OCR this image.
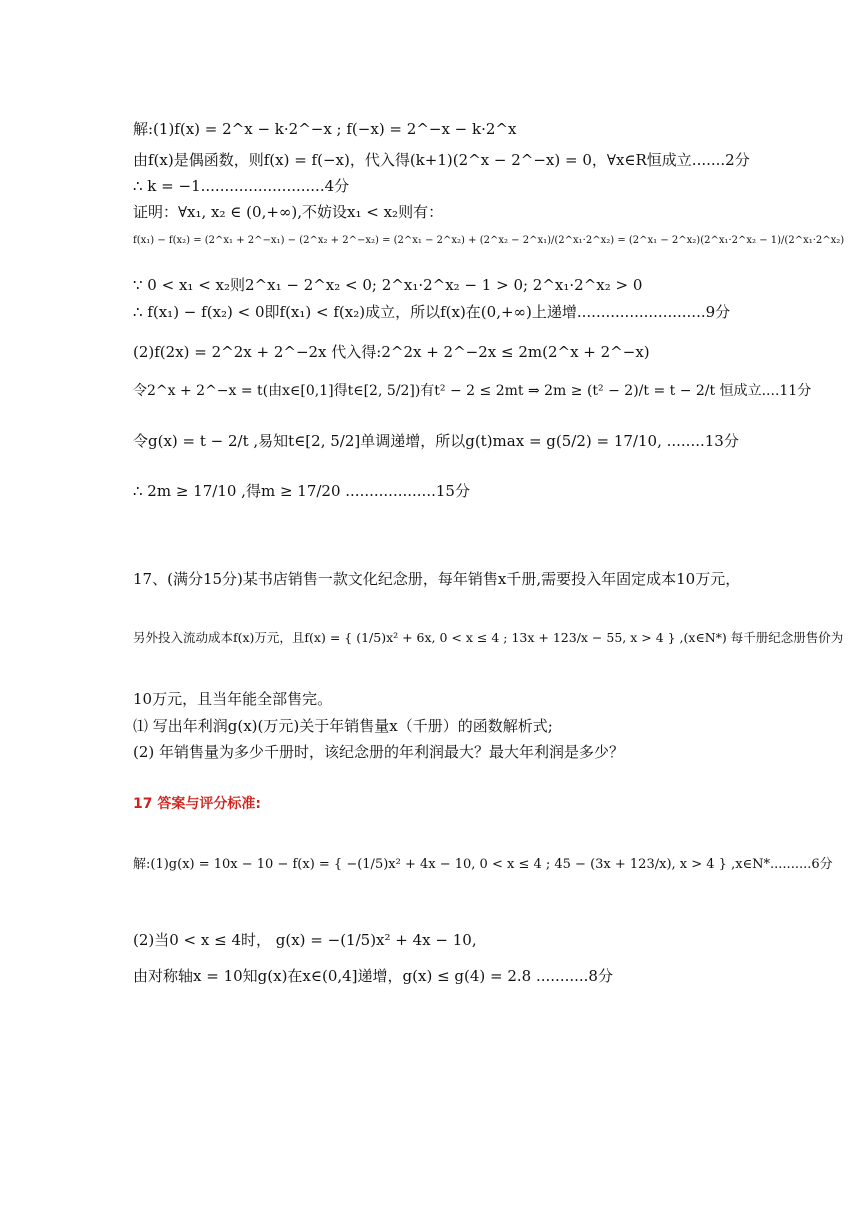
解:(1)f(x) = 2^x − k·2^−x ; f(−x) = 2^−x − k·2^x
由f(x)是偶函数，则f(x) = f(−x)，代入得(k+1)(2^x − 2^−x) = 0，∀x∈R恒成立.......2分
∴ k = −1..........................4分
证明：∀x₁, x₂ ∈ (0,+∞),不妨设x₁ < x₂则有：
f(x₁) − f(x₂) = (2^x₁ + 2^−x₁) − (2^x₂ + 2^−x₂) = (2^x₁ − 2^x₂) + (2^x₂ − 2^x₁)/(2^x₁·2^x₂) = (2^x₁ − 2^x₂)(2^x₁·2^x₂ − 1)/(2^x₁·2^x₂)
∵ 0 < x₁ < x₂则2^x₁ − 2^x₂ < 0; 2^x₁·2^x₂ − 1 > 0; 2^x₁·2^x₂ > 0
∴ f(x₁) − f(x₂) < 0即f(x₁) < f(x₂)成立，所以f(x)在(0,+∞)上递增...........................9分
(2)f(2x) = 2^2x + 2^−2x 代入得:2^2x + 2^−2x ≤ 2m(2^x + 2^−x)
令2^x + 2^−x = t(由x∈[0,1]得t∈[2, 5/2])有t² − 2 ≤ 2mt ⇒ 2m ≥ (t² − 2)/t = t − 2/t 恒成立....11分
令g(x) = t − 2/t ,易知t∈[2, 5/2]单调递增，所以g(t)max = g(5/2) = 17/10, ........13分
∴ 2m ≥ 17/10 ,得m ≥ 17/20 ...................15分
17、(满分15分)某书店销售一款文化纪念册，每年销售x千册,需要投入年固定成本10万元，
另外投入流动成本f(x)万元，且f(x) = { (1/5)x² + 6x, 0 < x ≤ 4 ; 13x + 123/x − 55, x > 4 } ,(x∈N*) 每千册纪念册售价为
10万元，且当年能全部售完。
⑴ 写出年利润g(x)(万元)关于年销售量x（千册）的函数解析式;
(2) 年销售量为多少千册时，该纪念册的年利润最大？最大年利润是多少？
17 答案与评分标准:
解:(1)g(x) = 10x − 10 − f(x) = { −(1/5)x² + 4x − 10, 0 < x ≤ 4 ; 45 − (3x + 123/x), x > 4 } ,x∈N*..........6分
(2)当0 < x ≤ 4时， g(x) = −(1/5)x² + 4x − 10,
由对称轴x = 10知g(x)在x∈(0,4]递增，g(x) ≤ g(4) = 2.8 ...........8分
